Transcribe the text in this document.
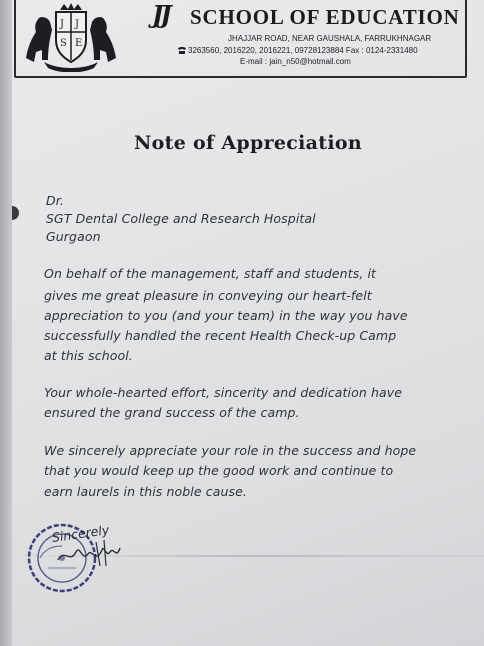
J J
S E
JJ SCHOOL OF EDUCATION
JHAJJAR ROAD, NEAR GAUSHALA, FARRUKHNAGAR
3263560, 2016220, 2016221, 09728123884 Fax : 0124-2331480
E-mail : jain_n50@hotmail.com
Note of Appreciation
Dr.
SGT Dental College and Research Hospital
Gurgaon
On behalf of the management, staff and students, it
gives me great pleasure in conveying our heart-felt
appreciation to you (and your team) in the way you have
successfully handled the recent Health Check-up Camp
at this school.
Your whole-hearted effort, sincerity and dedication have
ensured the grand success of the camp.
We sincerely appreciate your role in the success and hope
that you would keep up the good work and continue to
earn laurels in this noble cause.
Sincerely
